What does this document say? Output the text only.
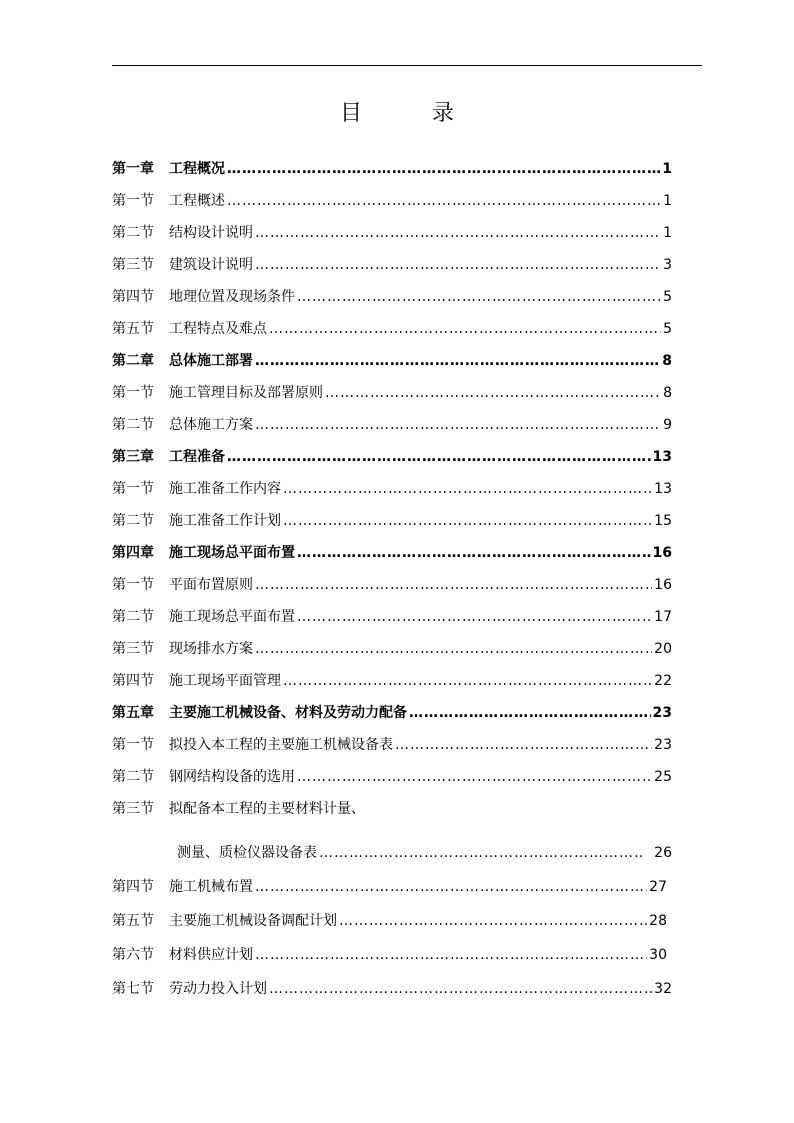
目　录
第一章	工程概况 ……………………………………………………………………………………………………………………………………	1
第一节	工程概述 ……………………………………………………………………………………………………………………………………	1
第二节	结构设计说明 ……………………………………………………………………………………………………………………………………	1
第三节	建筑设计说明 ……………………………………………………………………………………………………………………………………	3
第四节	地理位置及现场条件 ……………………………………………………………………………………………………………………………………	5
第五节	工程特点及难点 ……………………………………………………………………………………………………………………………………	5
第二章	总体施工部署 ……………………………………………………………………………………………………………………………………	8
第一节	施工管理目标及部署原则 ……………………………………………………………………………………………………………………………………	8
第二节	总体施工方案 ……………………………………………………………………………………………………………………………………	9
第三章	工程准备 ……………………………………………………………………………………………………………………………………	13
第一节	施工准备工作内容 ……………………………………………………………………………………………………………………………………	13
第二节	施工准备工作计划 ……………………………………………………………………………………………………………………………………	15
第四章	施工现场总平面布置 ……………………………………………………………………………………………………………………………………	16
第一节	平面布置原则 ……………………………………………………………………………………………………………………………………	16
第二节	施工现场总平面布置 ……………………………………………………………………………………………………………………………………	17
第三节	现场排水方案 ……………………………………………………………………………………………………………………………………	20
第四节	施工现场平面管理 ……………………………………………………………………………………………………………………………………	22
第五章	主要施工机械设备、材料及劳动力配备 ……………………………………………………………………………………………………………………………………	23
第一节	拟投入本工程的主要施工机械设备表 ……………………………………………………………………………………………………………………………………	23
第二节	钢网结构设备的选用 ……………………………………………………………………………………………………………………………………	25
第三节	拟配备本工程的主要材料计量、
测量、质检仪器设备表 ……………………………………………………………………………………………………………………………………	26
第四节	施工机械布置 ……………………………………………………………………………………………………………………………………	27
第五节	主要施工机械设备调配计划 ……………………………………………………………………………………………………………………………………	28
第六节	材料供应计划 ……………………………………………………………………………………………………………………………………	30
第七节	劳动力投入计划 ……………………………………………………………………………………………………………………………………	32
